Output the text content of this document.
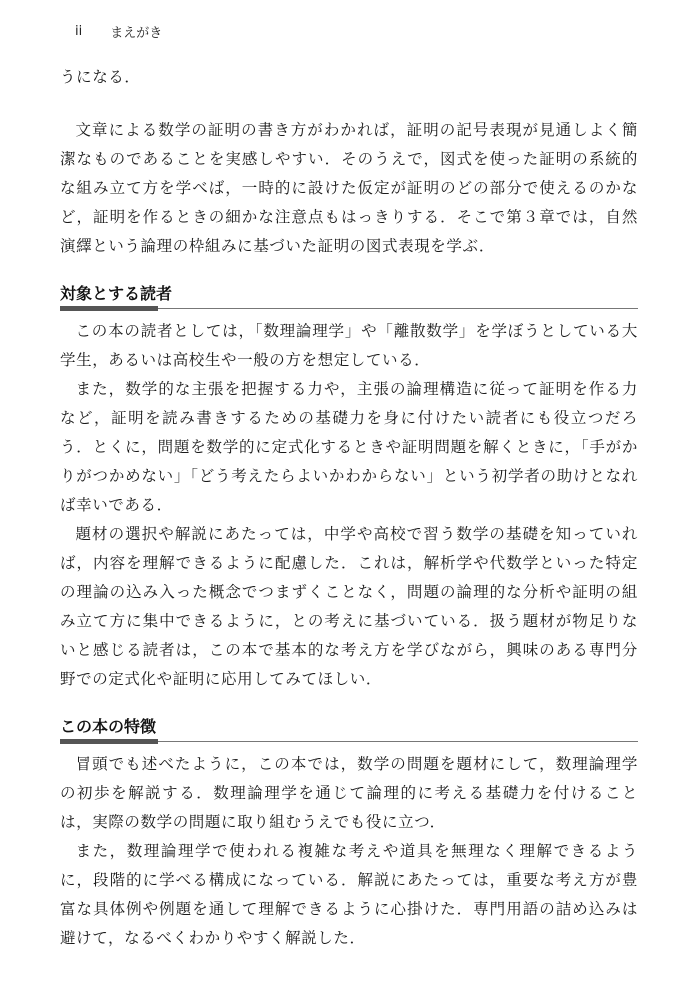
ii まえがき

うになる．

文章による数学の証明の書き方がわかれば，証明の記号表現が見通しよく簡潔なものであることを実感しやすい．そのうえで，図式を使った証明の系統的な組み立て方を学べば，一時的に設けた仮定が証明のどの部分で使えるのかなど，証明を作るときの細かな注意点もはっきりする．そこで第３章では，自然演繹という論理の枠組みに基づいた証明の図式表現を学ぶ．

対象とする読者

この本の読者としては，「数理論理学」や「離散数学」を学ぼうとしている大学生，あるいは高校生や一般の方を想定している．

また，数学的な主張を把握する力や，主張の論理構造に従って証明を作る力など，証明を読み書きするための基礎力を身に付けたい読者にも役立つだろう．とくに，問題を数学的に定式化するときや証明問題を解くときに，「手がかりがつかめない」「どう考えたらよいかわからない」という初学者の助けとなれば幸いである．

題材の選択や解説にあたっては，中学や高校で習う数学の基礎を知っていれば，内容を理解できるように配慮した．これは，解析学や代数学といった特定の理論の込み入った概念でつまずくことなく，問題の論理的な分析や証明の組み立て方に集中できるように，との考えに基づいている．扱う題材が物足りないと感じる読者は，この本で基本的な考え方を学びながら，興味のある専門分野での定式化や証明に応用してみてほしい．

この本の特徴

冒頭でも述べたように，この本では，数学の問題を題材にして，数理論理学の初歩を解説する．数理論理学を通じて論理的に考える基礎力を付けることは，実際の数学の問題に取り組むうえでも役に立つ．

また，数理論理学で使われる複雑な考えや道具を無理なく理解できるように，段階的に学べる構成になっている．解説にあたっては，重要な考え方が豊富な具体例や例題を通して理解できるように心掛けた．専門用語の詰め込みは避けて，なるべくわかりやすく解説した．
